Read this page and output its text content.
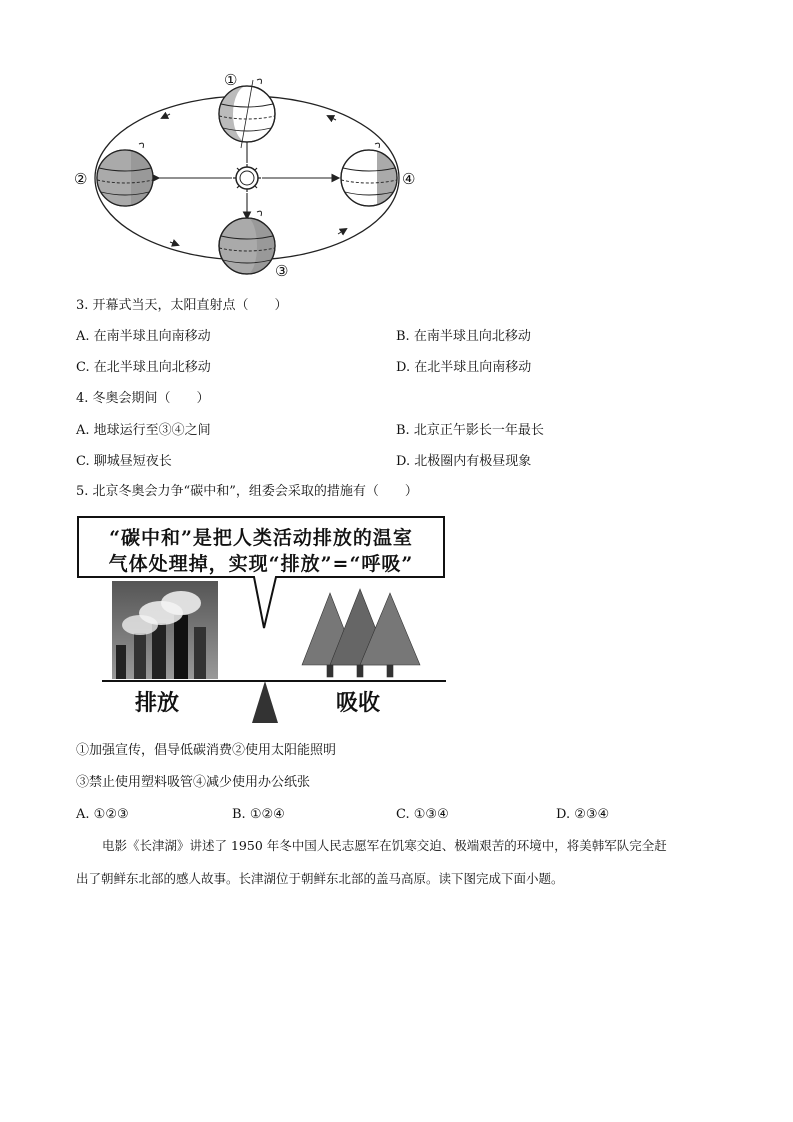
①
②
③
④
3. 开幕式当天，太阳直射点（　　）
A. 在南半球且向南移动	B. 在南半球且向北移动
C. 在北半球且向北移动	D. 在北半球且向南移动
4. 冬奥会期间（　　）
A. 地球运行至③④之间	B. 北京正午影长一年最长
C. 聊城昼短夜长	D. 北极圈内有极昼现象
5. 北京冬奥会力争“碳中和”，组委会采取的措施有（　　）
“碳中和”是把人类活动排放的温室
气体处理掉，实现“排放”=“呼吸”
排放	吸收
①加强宣传，倡导低碳消费②使用太阳能照明
③禁止使用塑料吸管④减少使用办公纸张
A. ①②③	B. ①②④	C. ①③④	D. ②③④
电影《长津湖》讲述了 1950 年冬中国人民志愿军在饥寒交迫、极端艰苦的环境中，将美韩军队完全赶
出了朝鲜东北部的感人故事。长津湖位于朝鲜东北部的盖马高原。读下图完成下面小题。
